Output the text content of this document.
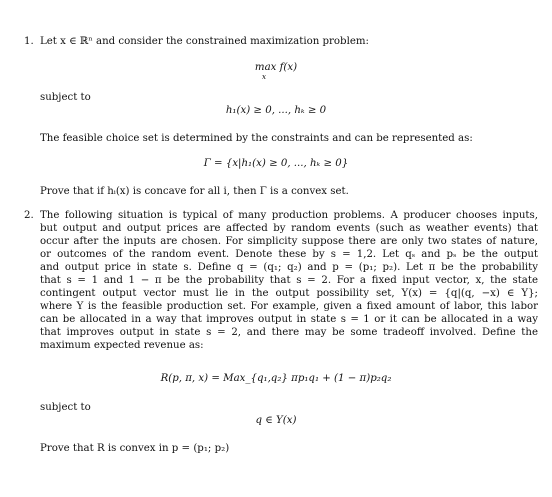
1. Let x ∈ ℝⁿ and consider the constrained maximization problem:
max f(x)
x
subject to
h₁(x) ≥ 0, ..., hₖ ≥ 0
The feasible choice set is determined by the constraints and can be represented as:
Γ = {x|h₁(x) ≥ 0, ..., hₖ ≥ 0}
Prove that if hᵢ(x) is concave for all i, then Γ is a convex set.
2. The following situation is typical of many production problems. A producer chooses inputs,
but output and output prices are affected by random events (such as weather events) that
occur after the inputs are chosen. For simplicity suppose there are only two states of nature,
or outcomes of the random event. Denote these by s = 1,2. Let qₛ and pₛ be the output
and output price in state s. Define q = (q₁; q₂) and p = (p₁; p₂). Let π be the probability
that s = 1 and 1 − π be the probability that s = 2. For a fixed input vector, x, the state
contingent output vector must lie in the output possibility set, Y(x) = {q|(q, −x) ∈ Y};
where Y is the feasible production set. For example, given a fixed amount of labor, this labor
can be allocated in a way that improves output in state s = 1 or it can be allocated in a way
that improves output in state s = 2, and there may be some tradeoff involved. Define the
maximum expected revenue as:
R(p, π, x) = Max_{q₁,q₂} πp₁q₁ + (1 − π)p₂q₂
subject to
q ∈ Y(x)
Prove that R is convex in p = (p₁; p₂)
